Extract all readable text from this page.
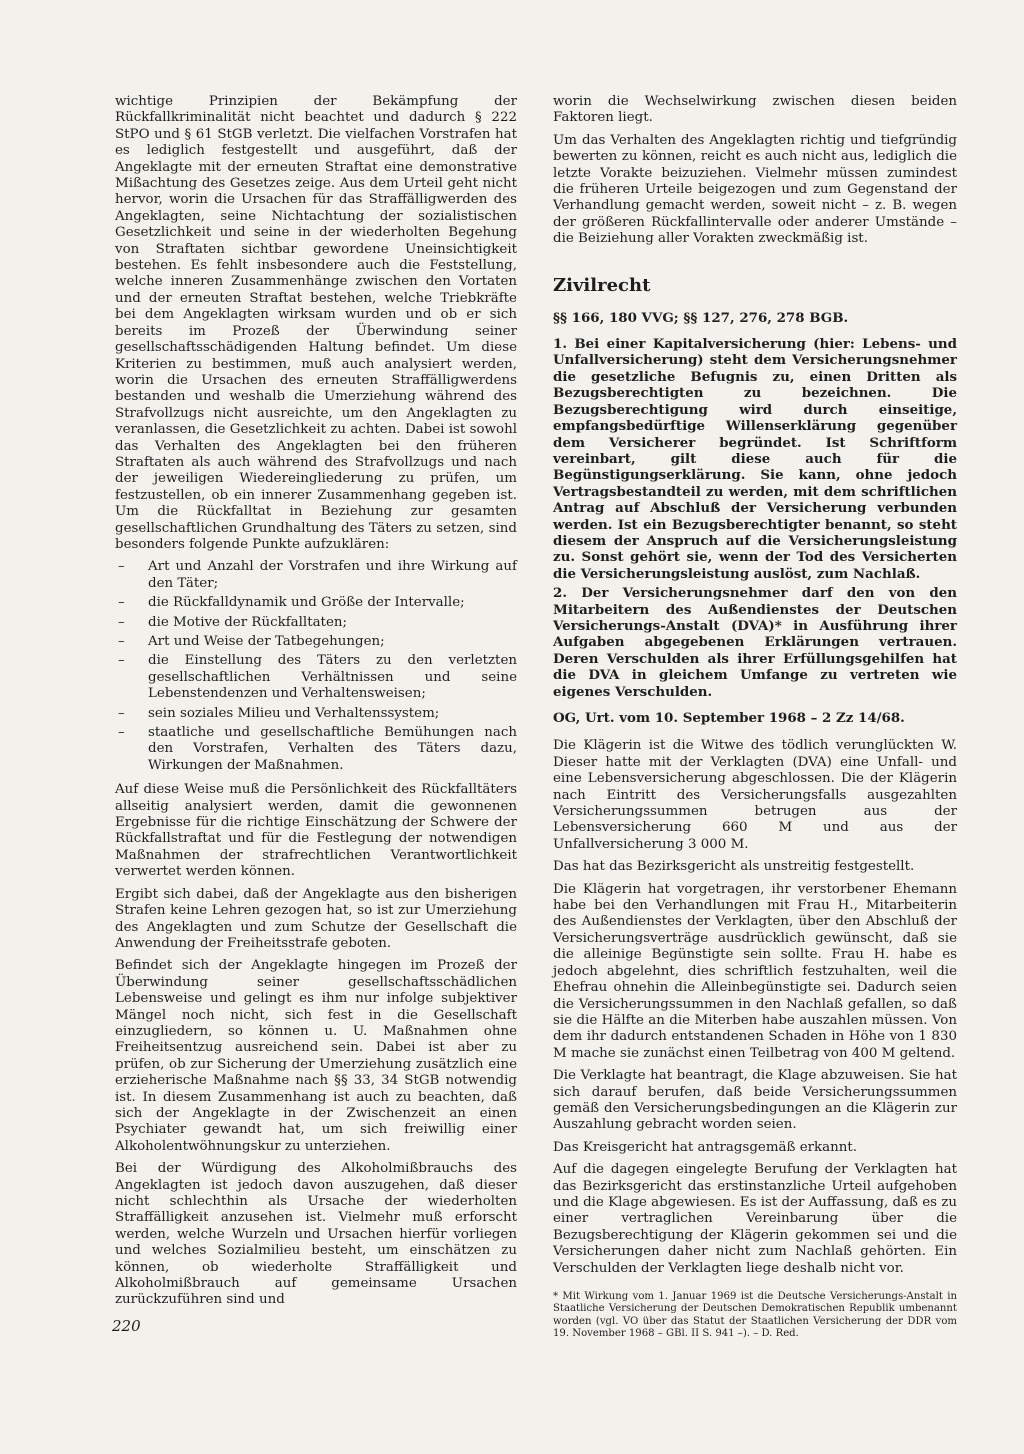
wichtige Prinzipien der Bekämpfung der Rückfallkriminalität nicht beachtet und dadurch § 222 StPO und § 61 StGB verletzt. Die vielfachen Vorstrafen hat es lediglich festgestellt und ausgeführt, daß der Angeklagte mit der erneuten Straftat eine demonstrative Mißachtung des Gesetzes zeige. Aus dem Urteil geht nicht hervor, worin die Ursachen für das Straffälligwerden des Angeklagten, seine Nichtachtung der sozialistischen Gesetzlichkeit und seine in der wiederholten Begehung von Straftaten sichtbar gewordene Uneinsichtigkeit bestehen. Es fehlt insbesondere auch die Feststellung, welche inneren Zusammenhänge zwischen den Vortaten und der erneuten Straftat bestehen, welche Triebkräfte bei dem Angeklagten wirksam wurden und ob er sich bereits im Prozeß der Überwindung seiner gesellschaftsschädigenden Haltung befindet. Um diese Kriterien zu bestimmen, muß auch analysiert werden, worin die Ursachen des erneuten Straffälligwerdens bestanden und weshalb die Umerziehung während des Strafvollzugs nicht ausreichte, um den Angeklagten zu veranlassen, die Gesetzlichkeit zu achten. Dabei ist sowohl das Verhalten des Angeklagten bei den früheren Straftaten als auch während des Strafvollzugs und nach der jeweiligen Wiedereingliederung zu prüfen, um festzustellen, ob ein innerer Zusammenhang gegeben ist. Um die Rückfalltat in Beziehung zur gesamten gesellschaftlichen Grundhaltung des Täters zu setzen, sind besonders folgende Punkte aufzuklären:

– Art und Anzahl der Vorstrafen und ihre Wirkung auf den Täter;
– die Rückfalldynamik und Größe der Intervalle;
– die Motive der Rückfalltaten;
– Art und Weise der Tatbegehungen;
– die Einstellung des Täters zu den verletzten gesellschaftlichen Verhältnissen und seine Lebenstendenzen und Verhaltensweisen;
– sein soziales Milieu und Verhaltenssystem;
– staatliche und gesellschaftliche Bemühungen nach den Vorstrafen, Verhalten des Täters dazu, Wirkungen der Maßnahmen.

Auf diese Weise muß die Persönlichkeit des Rückfalltäters allseitig analysiert werden, damit die gewonnenen Ergebnisse für die richtige Einschätzung der Schwere der Rückfallstraftat und für die Festlegung der notwendigen Maßnahmen der strafrechtlichen Verantwortlichkeit verwertet werden können.

Ergibt sich dabei, daß der Angeklagte aus den bisherigen Strafen keine Lehren gezogen hat, so ist zur Umerziehung des Angeklagten und zum Schutze der Gesellschaft die Anwendung der Freiheitsstrafe geboten.

Befindet sich der Angeklagte hingegen im Prozeß der Überwindung seiner gesellschaftsschädlichen Lebensweise und gelingt es ihm nur infolge subjektiver Mängel noch nicht, sich fest in die Gesellschaft einzugliedern, so können u. U. Maßnahmen ohne Freiheitsentzug ausreichend sein. Dabei ist aber zu prüfen, ob zur Sicherung der Umerziehung zusätzlich eine erzieherische Maßnahme nach §§ 33, 34 StGB notwendig ist. In diesem Zusammenhang ist auch zu beachten, daß sich der Angeklagte in der Zwischenzeit an einen Psychiater gewandt hat, um sich freiwillig einer Alkoholentwöhnungskur zu unterziehen.

Bei der Würdigung des Alkoholmißbrauchs des Angeklagten ist jedoch davon auszugehen, daß dieser nicht schlechthin als Ursache der wiederholten Straffälligkeit anzusehen ist. Vielmehr muß erforscht werden, welche Wurzeln und Ursachen hierfür vorliegen und welches Sozialmilieu besteht, um einschätzen zu können, ob wiederholte Straffälligkeit und Alkoholmißbrauch auf gemeinsame Ursachen zurückzuführen sind und

worin die Wechselwirkung zwischen diesen beiden Faktoren liegt.

Um das Verhalten des Angeklagten richtig und tiefgründig bewerten zu können, reicht es auch nicht aus, lediglich die letzte Vorakte beizuziehen. Vielmehr müssen zumindest die früheren Urteile beigezogen und zum Gegenstand der Verhandlung gemacht werden, soweit nicht – z. B. wegen der größeren Rückfallintervalle oder anderer Umstände – die Beiziehung aller Vorakten zweckmäßig ist.

Zivilrecht

§§ 166, 180 VVG; §§ 127, 276, 278 BGB.

1. Bei einer Kapitalversicherung (hier: Lebens- und Unfallversicherung) steht dem Versicherungsnehmer die gesetzliche Befugnis zu, einen Dritten als Bezugsberechtigten zu bezeichnen. Die Bezugsberechtigung wird durch einseitige, empfangsbedürftige Willenserklärung gegenüber dem Versicherer begründet. Ist Schriftform vereinbart, gilt diese auch für die Begünstigungserklärung. Sie kann, ohne jedoch Vertragsbestandteil zu werden, mit dem schriftlichen Antrag auf Abschluß der Versicherung verbunden werden. Ist ein Bezugsberechtigter benannt, so steht diesem der Anspruch auf die Versicherungsleistung zu. Sonst gehört sie, wenn der Tod des Versicherten die Versicherungsleistung auslöst, zum Nachlaß.

2. Der Versicherungsnehmer darf den von den Mitarbeitern des Außendienstes der Deutschen Versicherungs-Anstalt (DVA)* in Ausführung ihrer Aufgaben abgegebenen Erklärungen vertrauen. Deren Verschulden als ihrer Erfüllungsgehilfen hat die DVA in gleichem Umfange zu vertreten wie eigenes Verschulden.

OG, Urt. vom 10. September 1968 – 2 Zz 14/68.

Die Klägerin ist die Witwe des tödlich verunglückten W. Dieser hatte mit der Verklagten (DVA) eine Unfall- und eine Lebensversicherung abgeschlossen. Die der Klägerin nach Eintritt des Versicherungsfalls ausgezahlten Versicherungssummen betrugen aus der Lebensversicherung 660 M und aus der Unfallversicherung 3 000 M.

Das hat das Bezirksgericht als unstreitig festgestellt.

Die Klägerin hat vorgetragen, ihr verstorbener Ehemann habe bei den Verhandlungen mit Frau H., Mitarbeiterin des Außendienstes der Verklagten, über den Abschluß der Versicherungsverträge ausdrücklich gewünscht, daß sie die alleinige Begünstigte sein sollte. Frau H. habe es jedoch abgelehnt, dies schriftlich festzuhalten, weil die Ehefrau ohnehin die Alleinbegünstigte sei. Dadurch seien die Versicherungssummen in den Nachlaß gefallen, so daß sie die Hälfte an die Miterben habe auszahlen müssen. Von dem ihr dadurch entstandenen Schaden in Höhe von 1 830 M mache sie zunächst einen Teilbetrag von 400 M geltend.

Die Verklagte hat beantragt, die Klage abzuweisen. Sie hat sich darauf berufen, daß beide Versicherungssummen gemäß den Versicherungsbedingungen an die Klägerin zur Auszahlung gebracht worden seien.

Das Kreisgericht hat antragsgemäß erkannt.

Auf die dagegen eingelegte Berufung der Verklagten hat das Bezirksgericht das erstinstanzliche Urteil aufgehoben und die Klage abgewiesen. Es ist der Auffassung, daß es zu einer vertraglichen Vereinbarung über die Bezugsberechtigung der Klägerin gekommen sei und die Versicherungen daher nicht zum Nachlaß gehörten. Ein Verschulden der Verklagten liege deshalb nicht vor.

* Mit Wirkung vom 1. Januar 1969 ist die Deutsche Versicherungs-Anstalt in Staatliche Versicherung der Deutschen Demokratischen Republik umbenannt worden (vgl. VO über das Statut der Staatlichen Versicherung der DDR vom 19. November 1968 – GBl. II S. 941 –). – D. Red.

220
